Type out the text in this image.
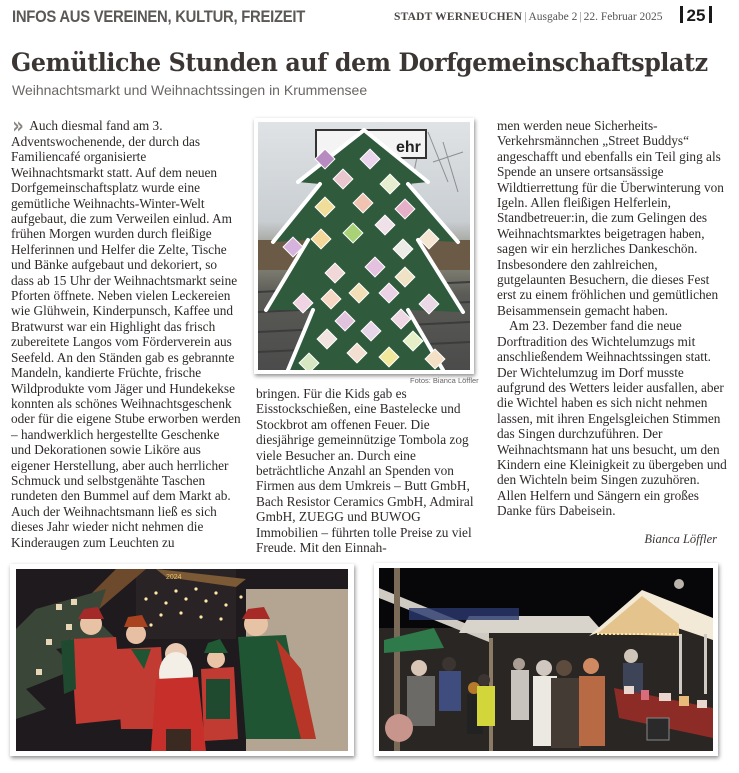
INFOS AUS VEREINEN, KULTUR, FREIZEIT	STADT WERNEUCHEN | Ausgabe 2 | 22. Februar 2025	25
Gemütliche Stunden auf dem Dorfgemeinschaftsplatz
Weihnachtsmarkt und Weihnachtssingen in Krummensee

» Auch diesmal fand am 3. Adventswochenende, der durch das Familiencafé organisierte Weihnachtsmarkt statt. Auf dem neuen Dorfgemeinschaftsplatz wurde eine gemütliche Weihnachts-Winter-Welt aufgebaut, die zum Verweilen einlud. Am frühen Morgen wurden durch fleißige Helferinnen und Helfer die Zelte, Tische und Bänke aufgebaut und dekoriert, so dass ab 15 Uhr der Weihnachtsmarkt seine Pforten öffnete. Neben vielen Leckereien wie Glühwein, Kinderpunsch, Kaffee und Bratwurst war ein Highlight das frisch zubereitete Langos vom Förderverein aus Seefeld. An den Ständen gab es gebrannte Mandeln, kandierte Früchte, frische Wildprodukte vom Jäger und Hundekekse konnten als schönes Weihnachtsgeschenk oder für die eigene Stube erworben werden – handwerklich hergestellte Geschenke und Dekorationen sowie Liköre aus eigener Herstellung, aber auch herrlicher Schmuck und selbstgenähte Taschen rundeten den Bummel auf dem Markt ab. Auch der Weihnachtsmann ließ es sich dieses Jahr wieder nicht nehmen die Kinderaugen zum Leuchten zu

ehr
Fotos: Bianca Löffler

bringen. Für die Kids gab es Eisstockschießen, eine Bastelecke und Stockbrot am offenen Feuer. Die diesjährige gemeinnützige Tombola zog viele Besucher an. Durch eine beträchtliche Anzahl an Spenden von Firmen aus dem Umkreis – Butt GmbH, Bach Resistor Ceramics GmbH, Admiral GmbH, ZUEGG und BUWOG Immobilien – führten tolle Preise zu viel Freude. Mit den Einnah-

men werden neue Sicherheits-Verkehrsmännchen „Street Buddys“ angeschafft und ebenfalls ein Teil ging als Spende an unsere ortsansässige Wildtierrettung für die Überwinterung von Igeln. Allen fleißigen Helferlein, Standbetreuer:in, die zum Gelingen des Weihnachtsmarktes beigetragen haben, sagen wir ein herzliches Dankeschön. Insbesondere den zahlreichen, gutgelaunten Besuchern, die dieses Fest erst zu einem fröhlichen und gemütlichen Beisammensein gemacht haben.

Am 23. Dezember fand die neue Dorftradition des Wichtelumzugs mit anschließendem Weihnachtssingen statt. Der Wichtelumzug im Dorf musste aufgrund des Wetters leider ausfallen, aber die Wichtel haben es sich nicht nehmen lassen, mit ihren Engelsgleichen Stimmen das Singen durchzuführen. Der Weihnachtsmann hat uns besucht, um den Kindern eine Kleinigkeit zu übergeben und den Wichteln beim Singen zuzuhören. Allen Helfern und Sängern ein großes Danke fürs Dabeisein.

Bianca Löffler
2024
